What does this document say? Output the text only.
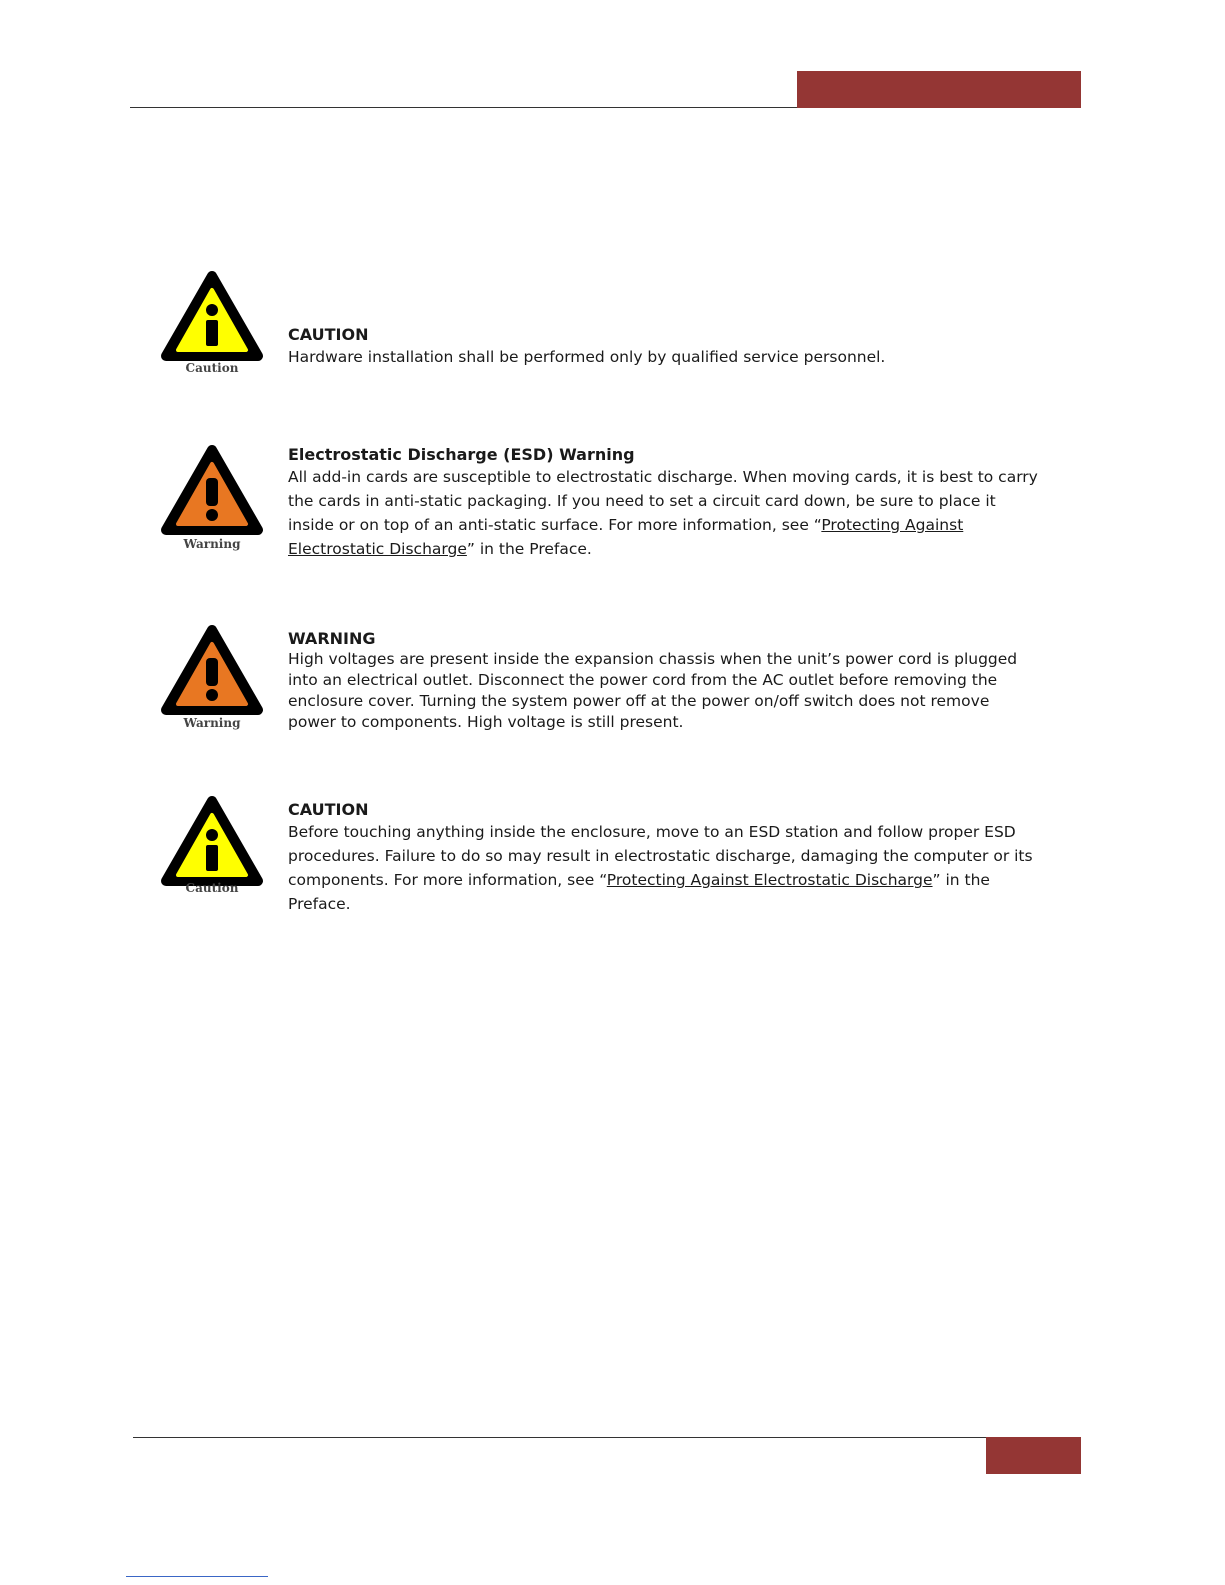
Caution
CAUTION
Hardware installation shall be performed only by qualified service personnel.
Warning
Electrostatic Discharge (ESD) Warning
All add-in cards are susceptible to electrostatic discharge. When moving cards, it is best to carry the cards in anti-static packaging. If you need to set a circuit card down, be sure to place it inside or on top of an anti-static surface. For more information, see “Protecting Against Electrostatic Discharge” in the Preface.
Warning
WARNING
High voltages are present inside the expansion chassis when the unit’s power cord is plugged into an electrical outlet. Disconnect the power cord from the AC outlet before removing the enclosure cover. Turning the system power off at the power on/off switch does not remove power to components. High voltage is still present.
Caution
CAUTION
Before touching anything inside the enclosure, move to an ESD station and follow proper ESD procedures. Failure to do so may result in electrostatic discharge, damaging the computer or its components. For more information, see “Protecting Against Electrostatic Discharge” in the Preface.
